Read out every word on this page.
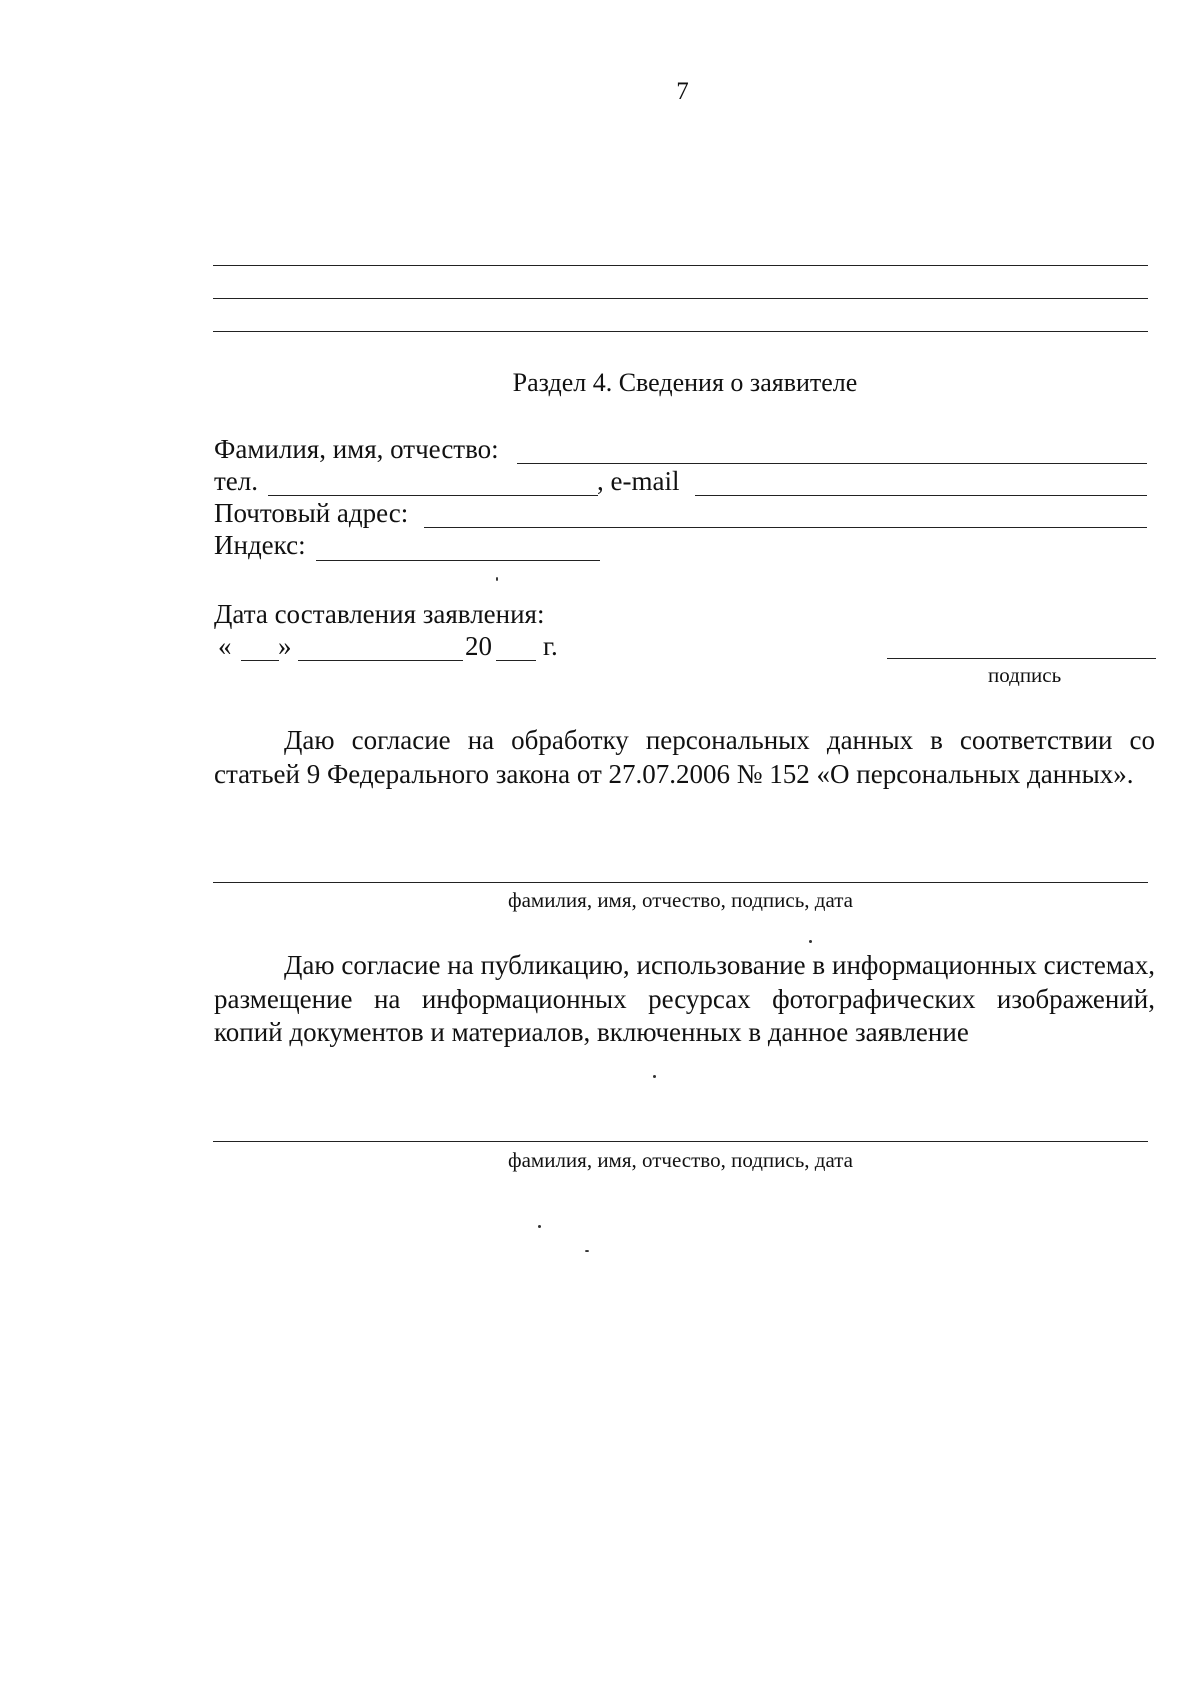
7
Раздел 4. Сведения о заявителе
Фамилия, имя, отчество:
тел.	, e-mail
Почтовый адрес:
Индекс:
Дата составления заявления:
« »	20 г.
подпись
Даю согласие на обработку персональных данных в соответствии со статьей 9 Федерального закона от 27.07.2006 № 152 «О персональных данных».
фамилия, имя, отчество, подпись, дата
Даю согласие на публикацию, использование в информационных системах, размещение на информационных ресурсах фотографических изображений, копий документов и материалов, включенных в данное заявление
фамилия, имя, отчество, подпись, дата
